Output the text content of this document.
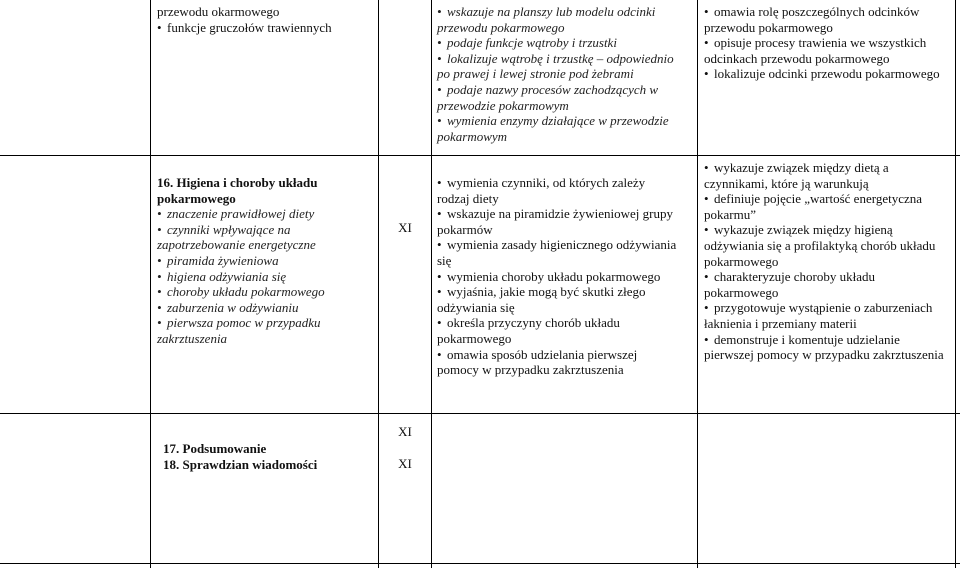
przewodu okarmowego
• funkcje gruczołów trawiennych
• wskazuje na planszy lub modelu odcinki
przewodu pokarmowego
• podaje funkcje wątroby i trzustki
• lokalizuje wątrobę i trzustkę – odpowiednio
po prawej i lewej stronie pod żebrami
• podaje nazwy procesów zachodzących w
przewodzie pokarmowym
• wymienia enzymy działające w przewodzie
pokarmowym
• omawia rolę poszczególnych odcinków
przewodu pokarmowego
• opisuje procesy trawienia we wszystkich
odcinkach przewodu pokarmowego
• lokalizuje odcinki przewodu pokarmowego
16. Higiena i choroby układu
pokarmowego
• znaczenie prawidłowej diety
• czynniki wpływające na
zapotrzebowanie energetyczne
• piramida żywieniowa
• higiena odżywiania się
• choroby układu pokarmowego
• zaburzenia w odżywianiu
• pierwsza pomoc w przypadku
zakrztuszenia
XI
• wymienia czynniki, od których zależy
rodzaj diety
• wskazuje na piramidzie żywieniowej grupy
pokarmów
• wymienia zasady higienicznego odżywiania
się
• wymienia choroby układu pokarmowego
• wyjaśnia, jakie mogą być skutki złego
odżywiania się
• określa przyczyny chorób układu
pokarmowego
• omawia sposób udzielania pierwszej
pomocy w przypadku zakrztuszenia
• wykazuje związek między dietą a
czynnikami, które ją warunkują
• definiuje pojęcie „wartość energetyczna
pokarmu”
• wykazuje związek między higieną
odżywiania się a profilaktyką chorób układu
pokarmowego
• charakteryzuje choroby układu
pokarmowego
• przygotowuje wystąpienie o zaburzeniach
łaknienia i przemiany materii
• demonstruje i komentuje udzielanie
pierwszej pomocy w przypadku zakrztuszenia
17. Podsumowanie
18. Sprawdzian wiadomości
XI
XI
